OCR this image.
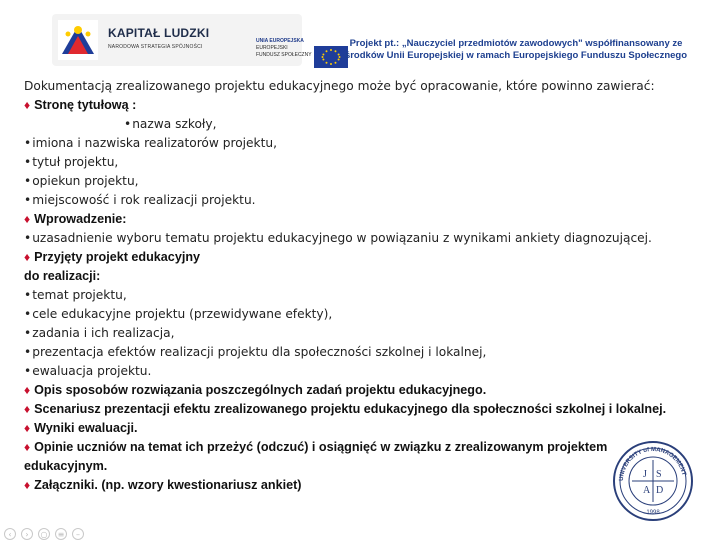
KAPITAŁ LUDZKI
NARODOWA STRATEGIA SPÓJNOŚCI
UNIA EUROPEJSKA
EUROPEJSKI
FUNDUSZ SPOŁECZNY
Projekt pt.: „Nauczyciel przedmiotów zawodowych" współfinansowany ze
środków Unii Europejskiej w ramach Europejskiego Funduszu Społecznego
Dokumentacją zrealizowanego projektu edukacyjnego może być opracowanie, które powinno zawierać:
♦ Stronę tytułową :
•nazwa szkoły,
•imiona i nazwiska realizatorów projektu,
•tytuł projektu,
•opiekun projektu,
•miejscowość i rok realizacji projektu.
♦ Wprowadzenie:
•uzasadnienie wyboru tematu projektu edukacyjnego w powiązaniu z wynikami ankiety diagnozującej.
♦ Przyjęty projekt edukacyjny
do realizacji:
•temat projektu,
•cele edukacyjne projektu (przewidywane efekty),
•zadania i ich realizacja,
•prezentacja efektów realizacji projektu dla społeczności szkolnej i lokalnej,
•ewaluacja projektu.
♦ Opis sposobów rozwiązania poszczególnych zadań projektu edukacyjnego.
♦ Scenariusz prezentacji efektu zrealizowanego projektu edukacyjnego dla społeczności szkolnej i lokalnej.
♦ Wyniki ewaluacji.
♦ Opinie uczniów na temat ich przeżyć (odczuć) i osiągnięć w związku z zrealizowanym projektem
edukacyjnym.
♦ Załączniki. (np. wzory kwestionariusz ankiet)	UNIVERSITY of MANAGEMENT
J S
A D
1998
‹ › ○ ≡ –
